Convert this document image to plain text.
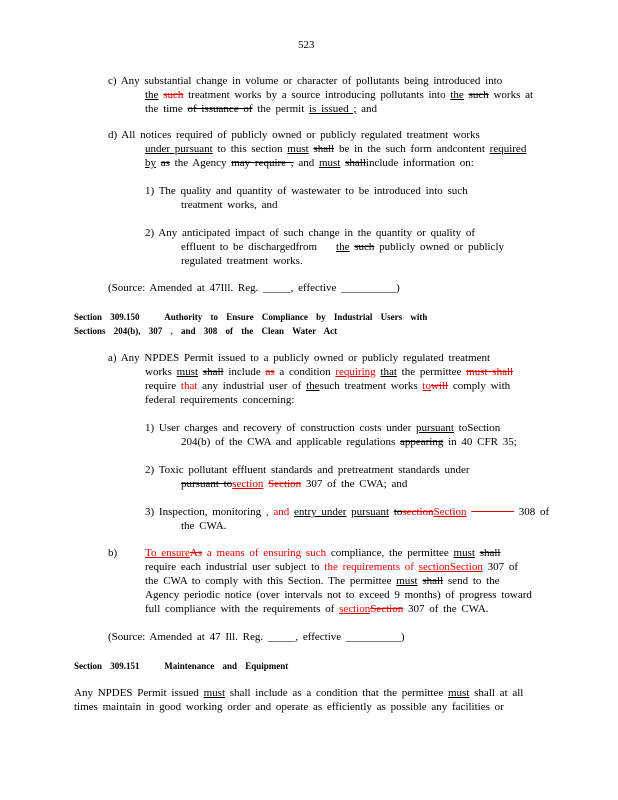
523
c) Any substantial change in volume or character of pollutants being introduced into
the such treatment works by a source introducing pollutants into the such works at
the time of issuance of the permit is issued ; and
d) All notices required of publicly owned or publicly regulated treatment works
under pursuant to this section must shall be in the such form andcontent required
by as the Agency may require , and must shallinclude information on:
1) The quality and quantity of wastewater to be introduced into such
treatment works, and
2) Any anticipated impact of such change in the quantity or quality of
effluent to be dischargedfrom the such publicly owned or publicly
regulated treatment works.
(Source: Amended at 47Ill. Reg. _____, effective __________)
Section 309.150	Authority to Ensure Compliance by Industrial Users with
Sections 204(b), 307 , and 308 of the Clean Water Act
a) Any NPDES Permit issued to a publicly owned or publicly regulated treatment
works must shall include as a condition requiring that the permittee must shall
require that any industrial user of thesuch treatment works towill comply with
federal requirements concerning:
1) User charges and recovery of construction costs under pursuant toSection
204(b) of the CWA and applicable regulations appearing in 40 CFR 35;
2) Toxic pollutant effluent standards and pretreatment standards under
pursuant tosection Section 307 of the CWA; and
3) Inspection, monitoring , and entry under pursuant tosectionSection	308 of
the CWA.
b)	To ensureAs a means of ensuring such compliance, the permittee must shall
require each industrial user subject to the requirements of sectionSection 307 of
the CWA to comply with this Section. The permittee must shall send to the
Agency periodic notice (over intervals not to exceed 9 months) of progress toward
full compliance with the requirements of sectionSection 307 of the CWA.
(Source: Amended at 47 Ill. Reg. _____, effective __________)
Section 309.151	Maintenance and Equipment
Any NPDES Permit issued must shall include as a condition that the permittee must shall at all
times maintain in good working order and operate as efficiently as possible any facilities or
